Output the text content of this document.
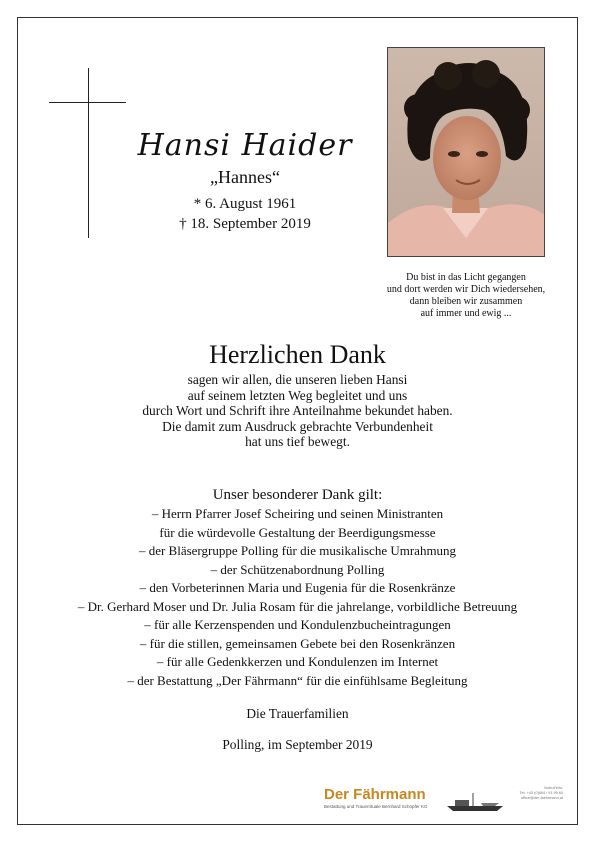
Hansi Haider
„Hannes“
* 6. August 1961
† 18. September 2019
Du bist in das Licht gegangen
und dort werden wir Dich wiedersehen,
dann bleiben wir zusammen
auf immer und ewig ...
Herzlichen Dank
sagen wir allen, die unseren lieben Hansi
auf seinem letzten Weg begleitet und uns
durch Wort und Schrift ihre Anteilnahme bekundet haben.
Die damit zum Ausdruck gebrachte Verbundenheit
hat uns tief bewegt.
Unser besonderer Dank gilt:
– Herrn Pfarrer Josef Scheiring und seinen Ministranten
für die würdevolle Gestaltung der Beerdigungsmesse
– der Bläsergruppe Polling für die musikalische Umrahmung
– der Schützenabordnung Polling
– den Vorbeterinnen Maria und Eugenia für die Rosenkränze
– Dr. Gerhard Moser und Dr. Julia Rosam für die jahrelange, vorbildliche Betreuung
– für alle Kerzenspenden und Kondulenzbucheintragungen
– für die stillen, gemeinsamen Gebete bei den Rosenkränzen
– für alle Gedenkkerzen und Kondulenzen im Internet
– der Bestattung „Der Fährmann“ für die einfühlsame Begleitung
Die Trauerfamilien
Polling, im September 2019
Der Fährmann
Bestattung und Trauerrituale Bernhard Schöpfer KG
Notruf/Info:
Tel: +43 (0)664 / 91 99 60
office@der-faehrmann.at
